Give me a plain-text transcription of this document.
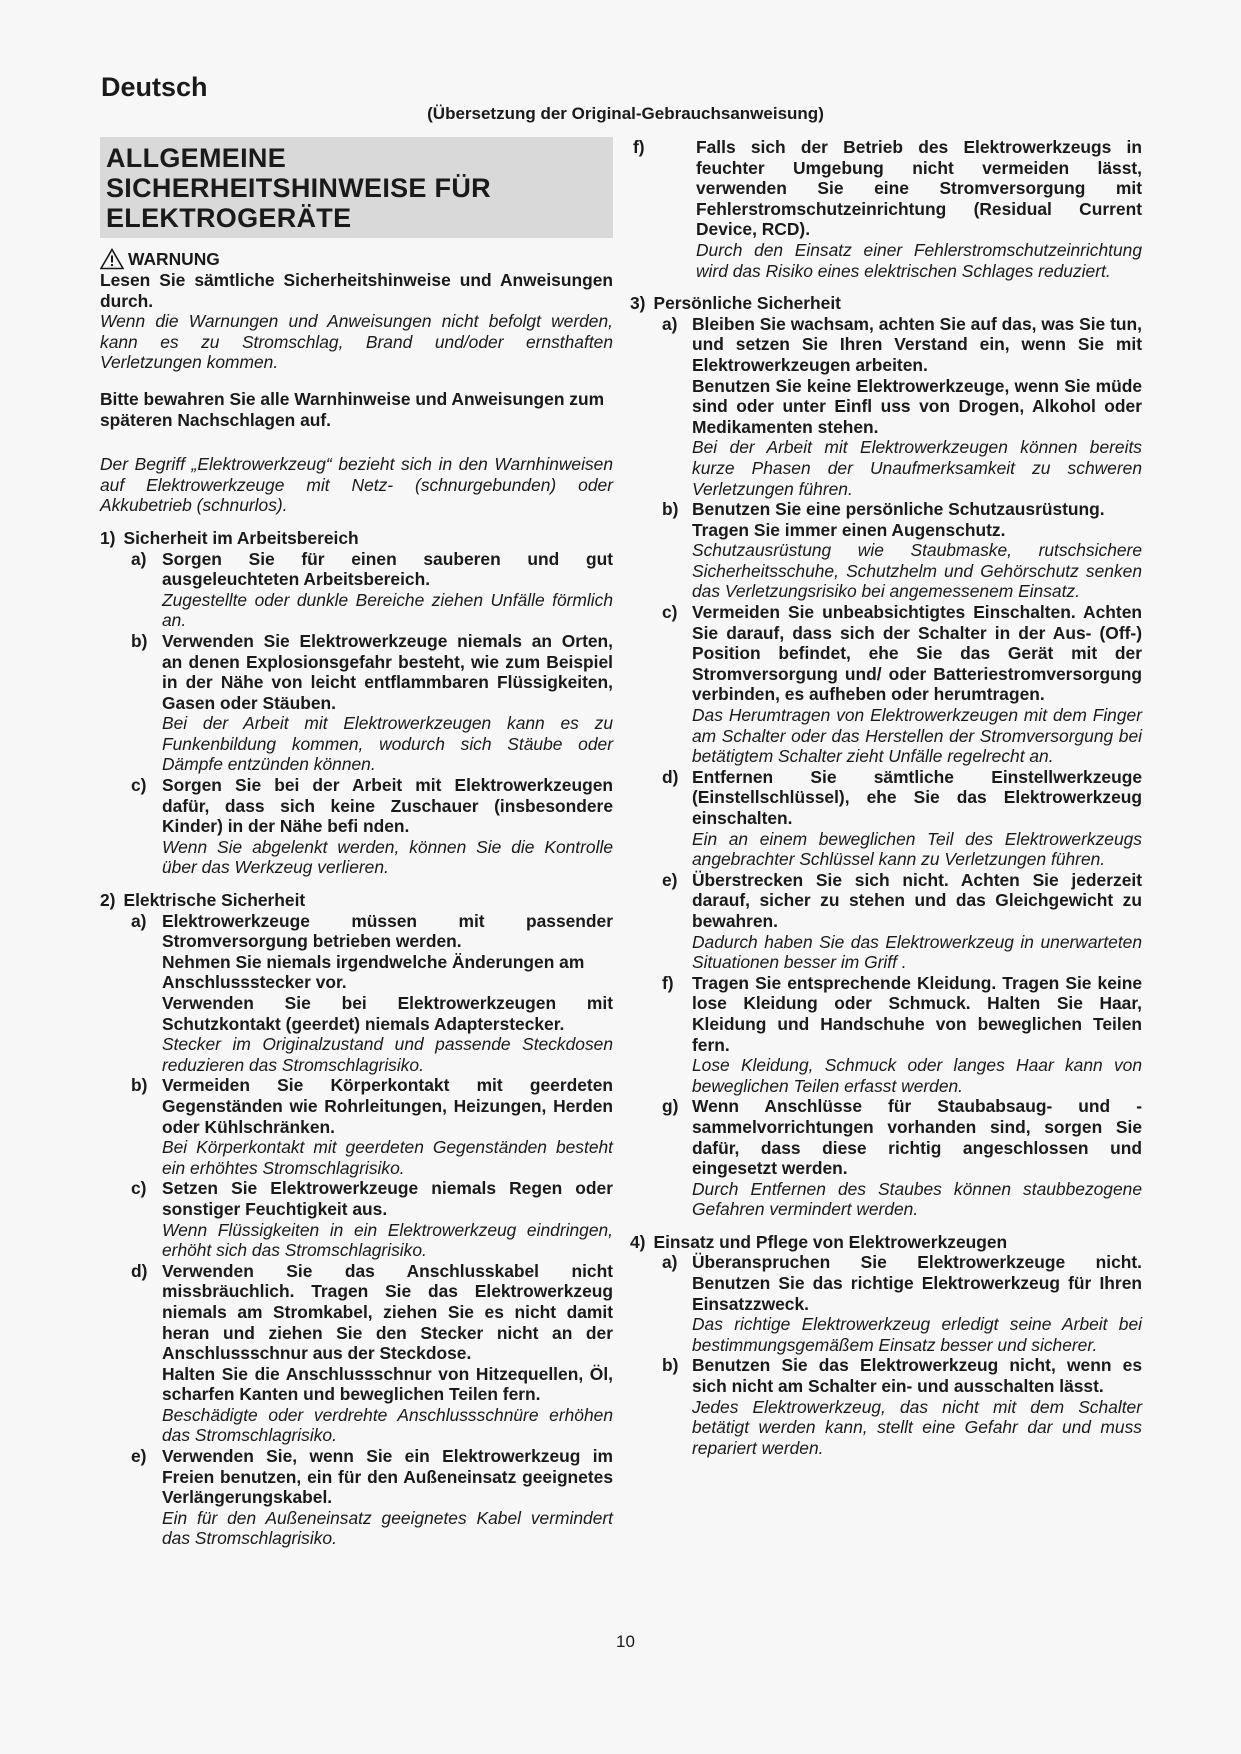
Deutsch
(Übersetzung der Original-Gebrauchsanweisung)
ALLGEMEINE SICHERHEITSHINWEISE FÜR ELEKTROGERÄTE
WARNUNG

Lesen Sie sämtliche Sicherheitshinweise und Anweisungen durch.

Wenn die Warnungen und Anweisungen nicht befolgt werden, kann es zu Stromschlag, Brand und/oder ernsthaften Verletzungen kommen.

Bitte bewahren Sie alle Warnhinweise und Anweisungen zum späteren Nachschlagen auf.

Der Begriff „Elektrowerkzeug“ bezieht sich in den Warnhinweisen auf Elektrowerkzeuge mit Netz- (schnurgebunden) oder Akkubetrieb (schnurlos).

1) Sicherheit im Arbeitsbereich
a) Sorgen Sie für einen sauberen und gut ausgeleuchteten Arbeitsbereich.

Zugestellte oder dunkle Bereiche ziehen Unfälle förmlich an.

b) Verwenden Sie Elektrowerkzeuge niemals an Orten, an denen Explosionsgefahr besteht, wie zum Beispiel in der Nähe von leicht entflammbaren Flüssigkeiten, Gasen oder Stäuben.

Bei der Arbeit mit Elektrowerkzeugen kann es zu Funkenbildung kommen, wodurch sich Stäube oder Dämpfe entzünden können.

c) Sorgen Sie bei der Arbeit mit Elektrowerkzeugen dafür, dass sich keine Zuschauer (insbesondere Kinder) in der Nähe befi nden.

Wenn Sie abgelenkt werden, können Sie die Kontrolle über das Werkzeug verlieren.

2) Elektrische Sicherheit
a) Elektrowerkzeuge müssen mit passender Stromversorgung betrieben werden.

Nehmen Sie niemals irgendwelche Änderungen am Anschlussstecker vor.

Verwenden Sie bei Elektrowerkzeugen mit Schutzkontakt (geerdet) niemals Adapterstecker.

Stecker im Originalzustand und passende Steckdosen reduzieren das Stromschlagrisiko.

b) Vermeiden Sie Körperkontakt mit geerdeten Gegenständen wie Rohrleitungen, Heizungen, Herden oder Kühlschränken.

Bei Körperkontakt mit geerdeten Gegenständen besteht ein erhöhtes Stromschlagrisiko.

c) Setzen Sie Elektrowerkzeuge niemals Regen oder sonstiger Feuchtigkeit aus.

Wenn Flüssigkeiten in ein Elektrowerkzeug eindringen, erhöht sich das Stromschlagrisiko.

d) Verwenden Sie das Anschlusskabel nicht missbräuchlich. Tragen Sie das Elektrowerkzeug niemals am Stromkabel, ziehen Sie es nicht damit heran und ziehen Sie den Stecker nicht an der Anschlussschnur aus der Steckdose.

Halten Sie die Anschlussschnur von Hitzequellen, Öl, scharfen Kanten und beweglichen Teilen fern.

Beschädigte oder verdrehte Anschlussschnüre erhöhen das Stromschlagrisiko.

e) Verwenden Sie, wenn Sie ein Elektrowerkzeug im Freien benutzen, ein für den Außeneinsatz geeignetes Verlängerungskabel.

Ein für den Außeneinsatz geeignetes Kabel vermindert das Stromschlagrisiko.

f)	Falls sich der Betrieb des Elektrowerkzeugs in feuchter Umgebung nicht vermeiden lässt, verwenden Sie eine Stromversorgung mit Fehlerstromschutzeinrichtung (Residual Current Device, RCD).

Durch den Einsatz einer Fehlerstromschutzeinrichtung wird das Risiko eines elektrischen Schlages reduziert.

3) Persönliche Sicherheit
a) Bleiben Sie wachsam, achten Sie auf das, was Sie tun, und setzen Sie Ihren Verstand ein, wenn Sie mit Elektrowerkzeugen arbeiten.

Benutzen Sie keine Elektrowerkzeuge, wenn Sie müde sind oder unter Einfl uss von Drogen, Alkohol oder Medikamenten stehen.

Bei der Arbeit mit Elektrowerkzeugen können bereits kurze Phasen der Unaufmerksamkeit zu schweren Verletzungen führen.

b) Benutzen Sie eine persönliche Schutzausrüstung. Tragen Sie immer einen Augenschutz.

Schutzausrüstung wie Staubmaske, rutschsichere Sicherheitsschuhe, Schutzhelm und Gehörschutz senken das Verletzungsrisiko bei angemessenem Einsatz.

c) Vermeiden Sie unbeabsichtigtes Einschalten. Achten Sie darauf, dass sich der Schalter in der Aus- (Off-) Position befindet, ehe Sie das Gerät mit der Stromversorgung und/ oder Batteriestromversorgung verbinden, es aufheben oder herumtragen.

Das Herumtragen von Elektrowerkzeugen mit dem Finger am Schalter oder das Herstellen der Stromversorgung bei betätigtem Schalter zieht Unfälle regelrecht an.

d) Entfernen Sie sämtliche Einstellwerkzeuge (Einstellschlüssel), ehe Sie das Elektrowerkzeug einschalten.

Ein an einem beweglichen Teil des Elektrowerkzeugs angebrachter Schlüssel kann zu Verletzungen führen.

e) Überstrecken Sie sich nicht. Achten Sie jederzeit darauf, sicher zu stehen und das Gleichgewicht zu bewahren.

Dadurch haben Sie das Elektrowerkzeug in unerwarteten Situationen besser im Griff .

f)	Tragen Sie entsprechende Kleidung. Tragen Sie keine lose Kleidung oder Schmuck. Halten Sie Haar, Kleidung und Handschuhe von beweglichen Teilen fern.

Lose Kleidung, Schmuck oder langes Haar kann von beweglichen Teilen erfasst werden.

g) Wenn Anschlüsse für Staubabsaug- und -sammelvorrichtungen vorhanden sind, sorgen Sie dafür, dass diese richtig angeschlossen und eingesetzt werden.

Durch Entfernen des Staubes können staubbezogene Gefahren vermindert werden.

4) Einsatz und Pflege von Elektrowerkzeugen
a) Überanspruchen Sie Elektrowerkzeuge nicht. Benutzen Sie das richtige Elektrowerkzeug für Ihren Einsatzzweck.

Das richtige Elektrowerkzeug erledigt seine Arbeit bei bestimmungsgemäßem Einsatz besser und sicherer.

b) Benutzen Sie das Elektrowerkzeug nicht, wenn es sich nicht am Schalter ein- und ausschalten lässt.

Jedes Elektrowerkzeug, das nicht mit dem Schalter betätigt werden kann, stellt eine Gefahr dar und muss repariert werden.

10
